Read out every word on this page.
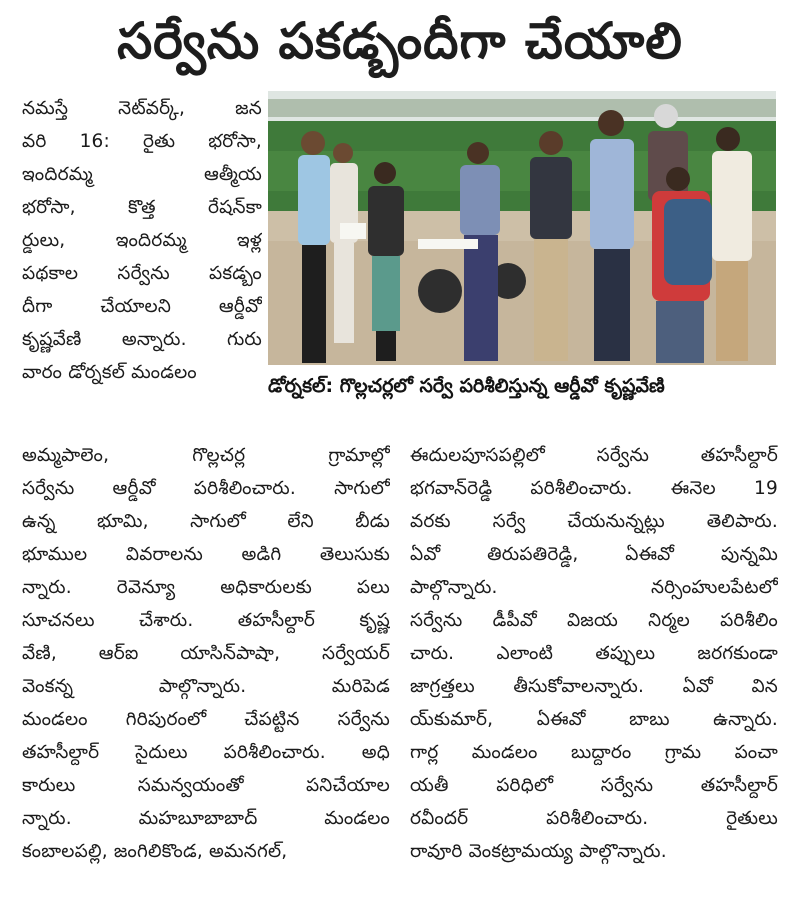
సర్వేను పకడ్బందీగా చేయాలి
నమస్తే నెట్‌వర్క్, జన
వరి 16: రైతు భరోసా,
ఇందిరమ్మ ఆత్మీయ
భరోసా, కొత్త రేషన్‌కా
ర్డులు, ఇందిరమ్మ ఇళ్ల
పథకాల సర్వేను పకడ్బం
దీగా చేయాలని ఆర్డీవో
కృష్ణవేణి అన్నారు. గురు
వారం డోర్నకల్ మండలం
డోర్నకల్: గొల్లచర్లలో సర్వే పరిశీలిస్తున్న ఆర్డీవో కృష్ణవేణి
అమ్మపాలెం, గొల్లచర్ల గ్రామాల్లో
సర్వేను ఆర్డీవో పరిశీలించారు. సాగులో
ఉన్న భూమి, సాగులో లేని బీడు
భూముల వివరాలను అడిగి తెలుసుకు
న్నారు. రెవెన్యూ అధికారులకు పలు
సూచనలు చేశారు. తహసీల్దార్ కృష్ణ
వేణి, ఆర్ఐ యాసిన్‌పాషా, సర్వేయర్
వెంకన్న పాల్గొన్నారు. మరిపెడ
మండలం గిరిపురంలో చేపట్టిన సర్వేను
తహసీల్దార్ సైదులు పరిశీలించారు. అధి
కారులు సమన్వయంతో పనిచేయాల
న్నారు. మహబూబాబాద్ మండలం
కంబాలపల్లి, జంగిలికొండ, అమనగల్,
ఈదులపూసపల్లిలో సర్వేను తహసీల్దార్
భగవాన్‌రెడ్డి పరిశీలించారు. ఈనెల 19
వరకు సర్వే చేయనున్నట్లు తెలిపారు.
ఏవో తిరుపతిరెడ్డి, ఏఈవో పున్నమి
పాల్గొన్నారు. నర్సింహులపేటలో
సర్వేను డీపీవో విజయ నిర్మల పరిశీలిం
చారు. ఎలాంటి తప్పులు జరగకుండా
జాగ్రత్తలు తీసుకోవాలన్నారు. ఏవో విన
య్‌కుమార్, ఏఈవో బాబు ఉన్నారు.
గార్ల మండలం బుద్దారం గ్రామ పంచా
యతీ పరిధిలో సర్వేను తహసీల్దార్
రవీందర్ పరిశీలించారు. రైతులు
రావూరి వెంకట్రామయ్య పాల్గొన్నారు.
